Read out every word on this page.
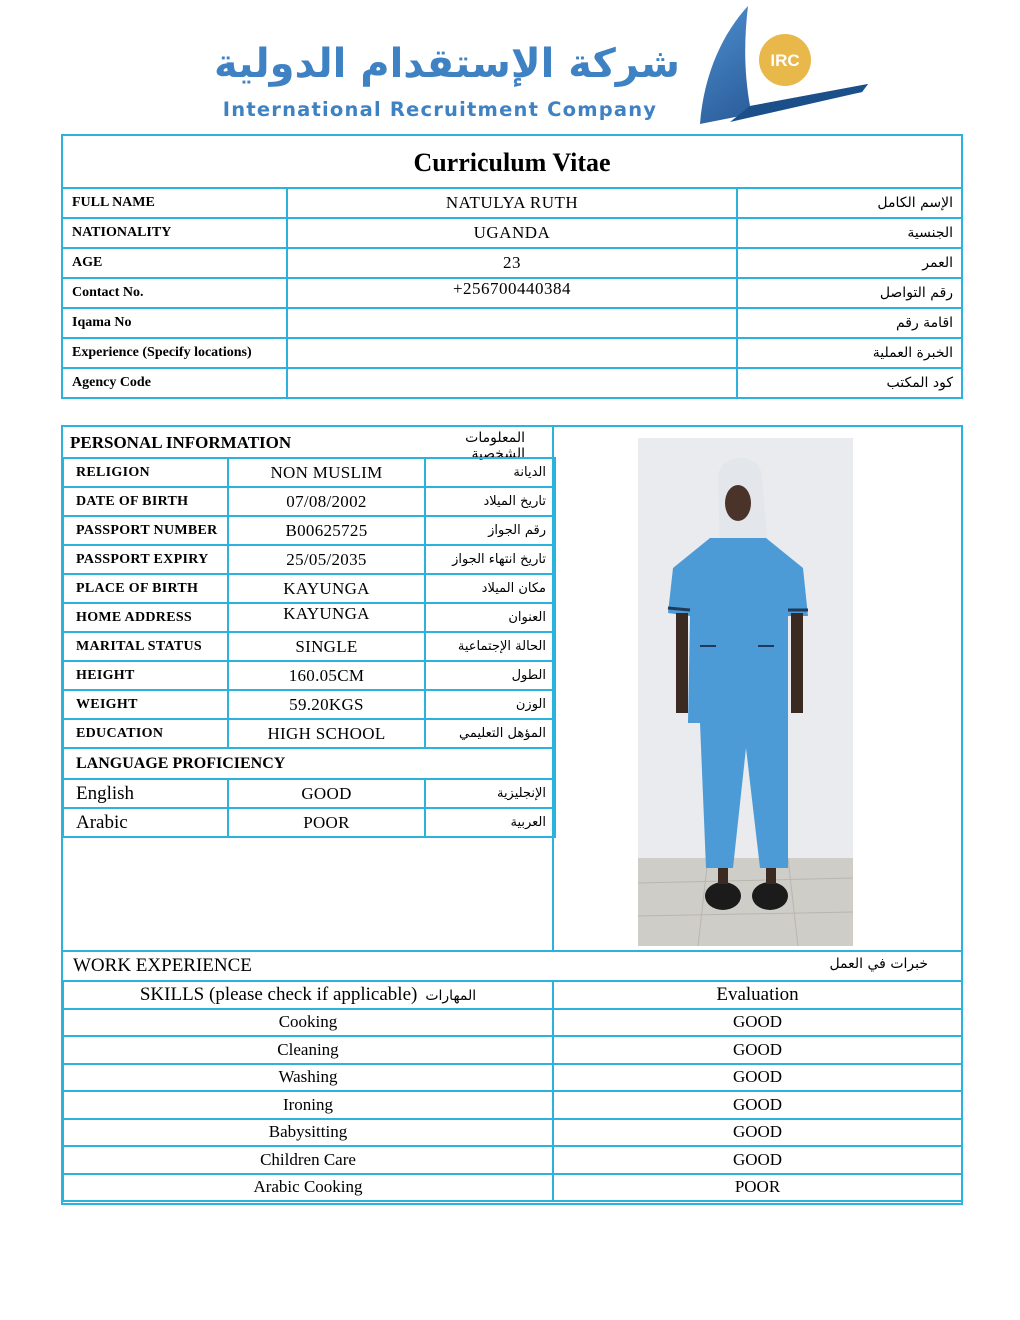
شركة الإستقدام الدولية
International Recruitment Company
IRC
Curriculum Vitae		
FULL NAME	NATULYA RUTH	الإسم الكامل
NATIONALITY	UGANDA	الجنسية
AGE	23	العمر
Contact No.	+256700440384	رقم التواصل
Iqama No		اقامة رقم
Experience (Specify locations)		الخبرة العملية
Agency Code		كود المكتب
PERSONAL INFORMATION	المعلومات الشخصية
RELIGION	NON MUSLIM	الديانة
DATE OF BIRTH	07/08/2002	تاريخ الميلاد
PASSPORT NUMBER	B00625725	رقم الجواز
PASSPORT EXPIRY	25/05/2035	تاريخ انتهاء الجواز
PLACE OF BIRTH	KAYUNGA	مكان الميلاد
HOME ADDRESS	KAYUNGA	العنوان
MARITAL STATUS	SINGLE	الحالة الإجتماعية
HEIGHT	160.05CM	الطول
WEIGHT	59.20KGS	الوزن
EDUCATION	HIGH SCHOOL	المؤهل التعليمي
LANGUAGE PROFICIENCY		
English	GOOD	الإنجليزية
Arabic	POOR	العربية
WORK EXPERIENCE	خبرات في العمل
SKILLS (please check if applicable) المهارات	Evaluation
Cooking	GOOD
Cleaning	GOOD
Washing	GOOD
Ironing	GOOD
Babysitting	GOOD
Children Care	GOOD
Arabic Cooking	POOR
